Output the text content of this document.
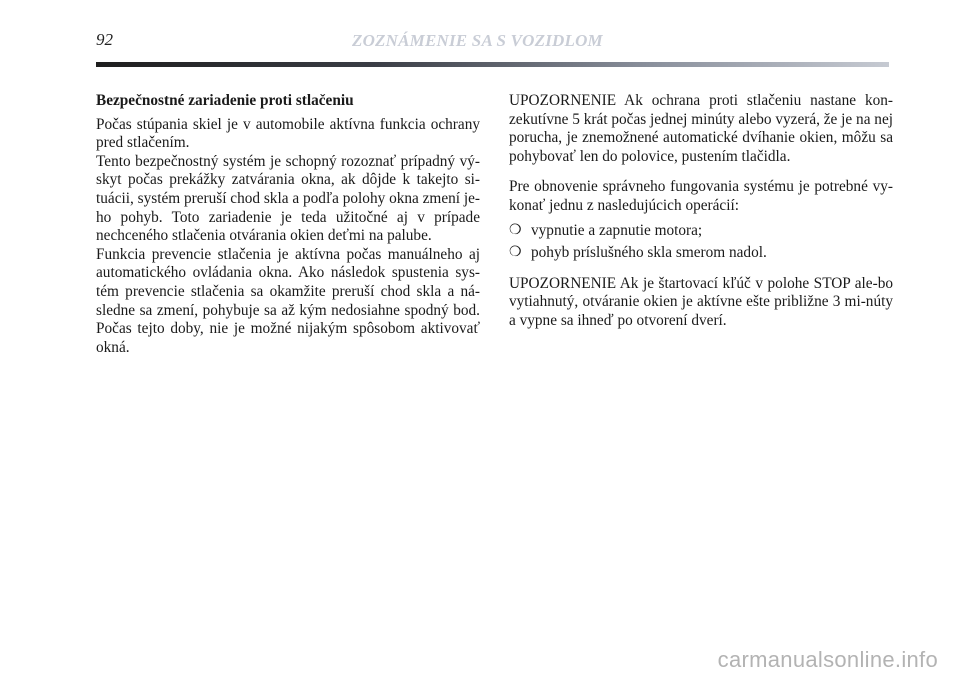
92	ZOZNÁMENIE SA S VOZIDLOM

Bezpečnostné zariadenie proti stlačeniu

Počas stúpania skiel je v automobile aktívna funkcia ochrany pred stlačením.

Tento bezpečnostný systém je schopný rozoznať prípadný vý-skyt počas prekážky zatvárania okna, ak dôjde k takejto si-tuácii, systém preruší chod skla a podľa polohy okna zmení je-ho pohyb. Toto zariadenie je teda užitočné aj v prípade nechceného stlačenia otvárania okien deťmi na palube.

Funkcia prevencie stlačenia je aktívna počas manuálneho aj automatického ovládania okna. Ako následok spustenia sys-tém prevencie stlačenia sa okamžite preruší chod skla a ná-sledne sa zmení, pohybuje sa až kým nedosiahne spodný bod. Počas tejto doby, nie je možné nijakým spôsobom aktivovať okná.

UPOZORNENIE Ak ochrana proti stlačeniu nastane kon-zekutívne 5 krát počas jednej minúty alebo vyzerá, že je na nej porucha, je znemožnené automatické dvíhanie okien, môžu sa pohybovať len do polovice, pustením tlačidla.

Pre obnovenie správneho fungovania systému je potrebné vy-konať jednu z nasledujúcich operácií:

❍ vypnutie a zapnutie motora;
❍ pohyb príslušného skla smerom nadol.

UPOZORNENIE Ak je štartovací kľúč v polohe STOP ale-bo vytiahnutý, otváranie okien je aktívne ešte približne 3 mi-núty a vypne sa ihneď po otvorení dverí.

carmanualsonline.info
